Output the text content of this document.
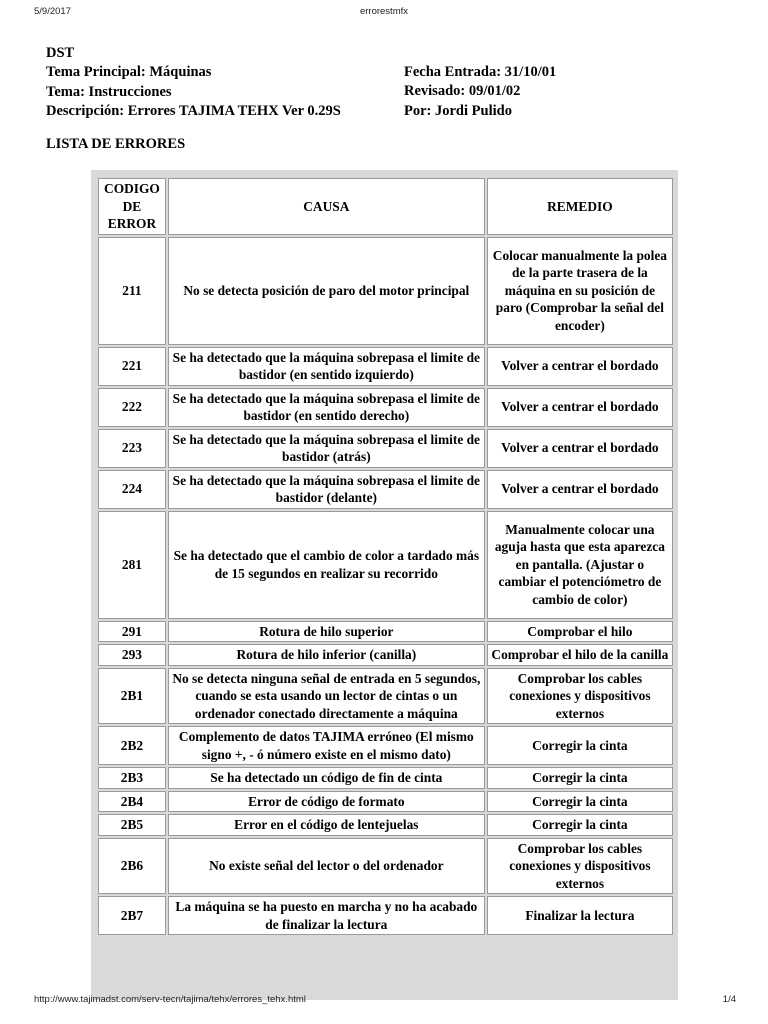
5/9/2017	errorestmfx
DST
Tema Principal: Máquinas
Tema: Instrucciones
Descripción: Errores TAJIMA TEHX Ver 0.29S
Fecha Entrada: 31/10/01
Revisado: 09/01/02
Por: Jordi Pulido
LISTA DE ERRORES
CODIGO DE ERROR	CAUSA	REMEDIO
211	No se detecta posición de paro del motor principal	Colocar manualmente la polea de la parte trasera de la máquina en su posición de paro (Comprobar la señal del encoder)
221	Se ha detectado que la máquina sobrepasa el limite de bastidor (en sentido izquierdo)	Volver a centrar el bordado
222	Se ha detectado que la máquina sobrepasa el limite de bastidor (en sentido derecho)	Volver a centrar el bordado
223	Se ha detectado que la máquina sobrepasa el limite de bastidor (atrás)	Volver a centrar el bordado
224	Se ha detectado que la máquina sobrepasa el limite de bastidor (delante)	Volver a centrar el bordado
281	Se ha detectado que el cambio de color a tardado más de 15 segundos en realizar su recorrido	Manualmente colocar una aguja hasta que esta aparezca en pantalla. (Ajustar o cambiar el potenciómetro de cambio de color)
291	Rotura de hilo superior	Comprobar el hilo
293	Rotura de hilo inferior (canilla)	Comprobar el hilo de la canilla
2B1	No se detecta ninguna señal de entrada en 5 segundos, cuando se esta usando un lector de cintas o un ordenador conectado directamente a máquina	Comprobar los cables conexiones y dispositivos externos
2B2	Complemento de datos TAJIMA erróneo (El mismo signo +, - ó número existe en el mismo dato)	Corregir la cinta
2B3	Se ha detectado un código de fin de cinta	Corregir la cinta
2B4	Error de código de formato	Corregir la cinta
2B5	Error en el código de lentejuelas	Corregir la cinta
2B6	No existe señal del lector o del ordenador	Comprobar los cables conexiones y dispositivos externos
2B7	La máquina se ha puesto en marcha y no ha acabado de finalizar la lectura	Finalizar la lectura
http://www.tajimadst.com/serv-tecn/tajima/tehx/errores_tehx.html	1/4
